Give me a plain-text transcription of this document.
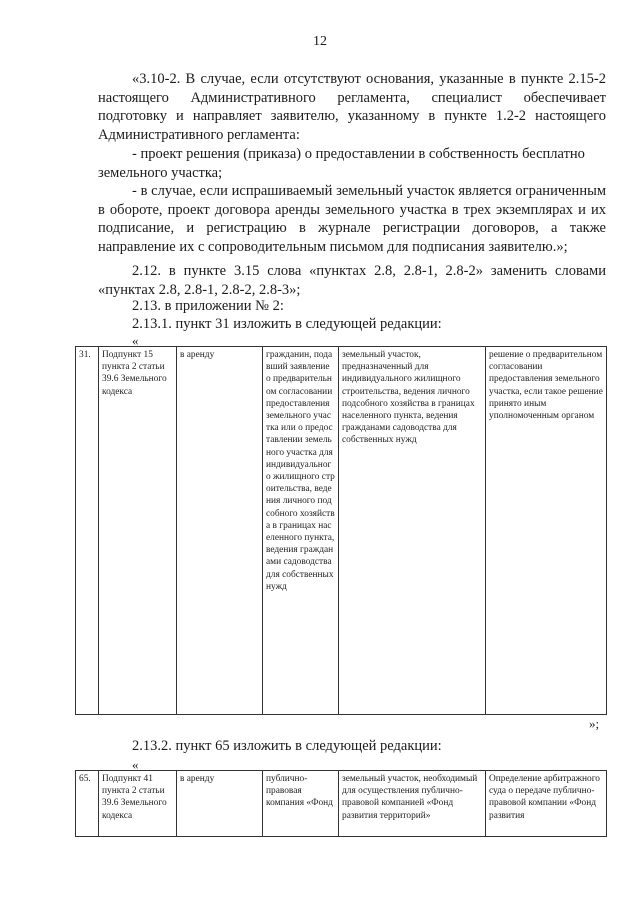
12

«3.10-2. В случае, если отсутствуют основания, указанные в пункте 2.15-2 настоящего Административного регламента, специалист обеспечивает подготовку и направляет заявителю, указанному в пункте 1.2-2 настоящего Административного регламента:

- проект решения (приказа) о предоставлении в собственность бесплатно земельного участка;

- в случае, если испрашиваемый земельный участок является ограниченным в обороте, проект договора аренды земельного участка в трех экземплярах и их подписание, и регистрацию в журнале регистрации договоров, а также направление их с сопроводительным письмом для подписания заявителю.»;

2.12. в пункте 3.15 слова «пунктах 2.8, 2.8-1, 2.8-2» заменить словами «пунктах 2.8, 2.8-1, 2.8-2, 2.8-3»;

2.13. в приложении № 2:

2.13.1. пункт 31 изложить в следующей редакции:

«
31.	Подпункт 15 пункта 2 статьи 39.6 Земельного кодекса	в аренду	гражданин, подавший заявление о предварительном согласовании предоставления земельного участка или о предоставлении земельного участка для индивидуального жилищного строительства, ведения личного подсобного хозяйства в границах населенного пункта, ведения гражданами садоводства для собственных нужд	земельный участок, предназначенный для индивидуального жилищного строительства, ведения личного подсобного хозяйства в границах населенного пункта, ведения гражданами садоводства для собственных нужд	решение о предварительном согласовании предоставления земельного участка, если такое решение принято иным уполномоченным органом
»;

2.13.2. пункт 65 изложить в следующей редакции:

«
65.	Подпункт 41 пункта 2 статьи 39.6 Земельного кодекса	в аренду	публично-правовая компания «Фонд	земельный участок, необходимый для осуществления публично-правовой компанией «Фонд развития территорий»	Определение арбитражного суда о передаче публично-правовой компании «Фонд развития
